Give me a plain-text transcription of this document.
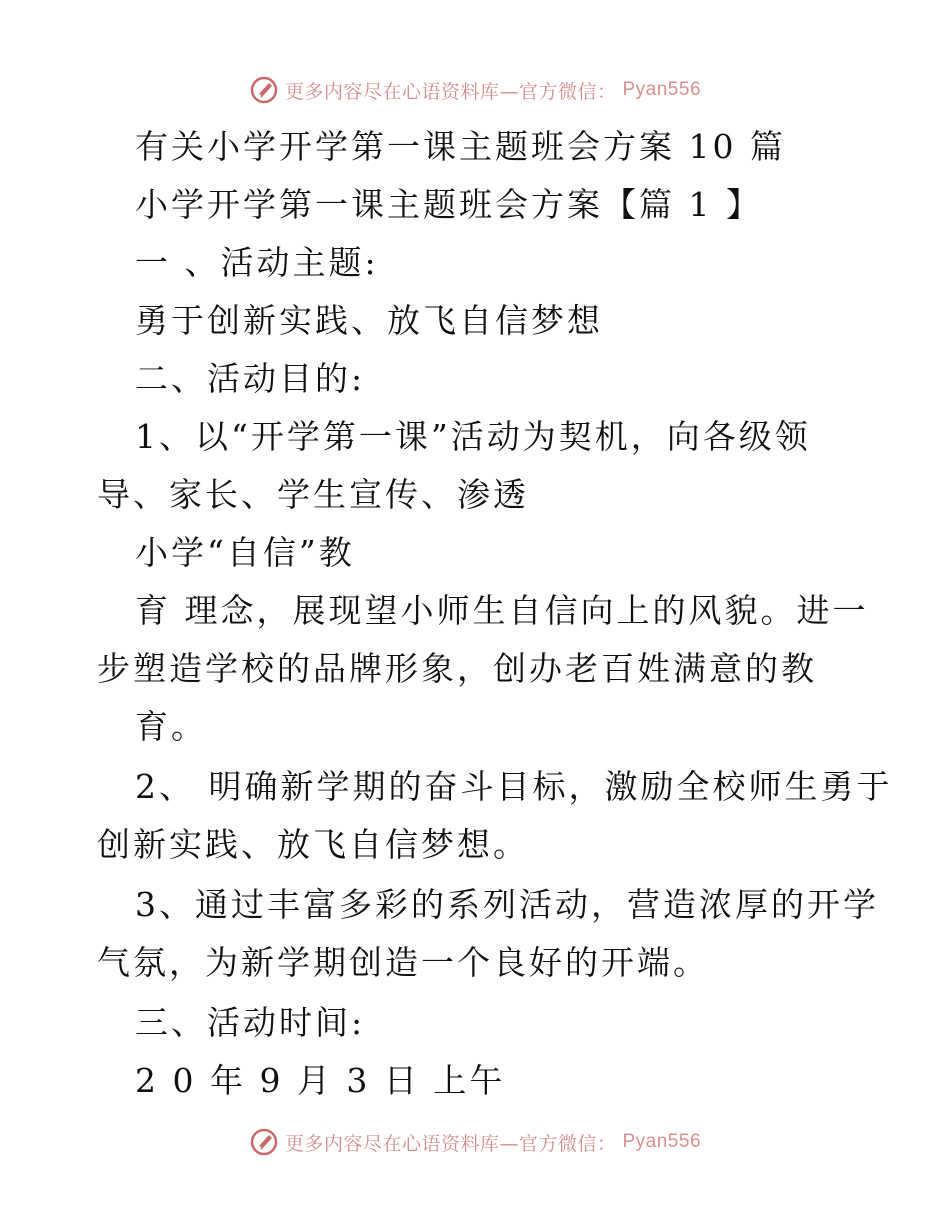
更多内容尽在心语资料库—官方微信： Pyan556
有关小学开学第一课主题班会方案 10 篇
小学开学第一课主题班会方案【篇 1 】
一 、活动主题:
勇于创新实践、放飞自信梦想
二、活动目的:
1、以“开学第一课”活动为契机，向各级领
导、家长、学生宣传、渗透
小学“自信”教
育 理念，展现望小师生自信向上的风貌。进一
步塑造学校的品牌形象，创办老百姓满意的教
育。
2、 明确新学期的奋斗目标，激励全校师生勇于
创新实践、放飞自信梦想。
3、通过丰富多彩的系列活动，营造浓厚的开学
气氛，为新学期创造一个良好的开端。
三、活动时间:
2 0 年 9 月 3 日 上午
更多内容尽在心语资料库—官方微信： Pyan556
